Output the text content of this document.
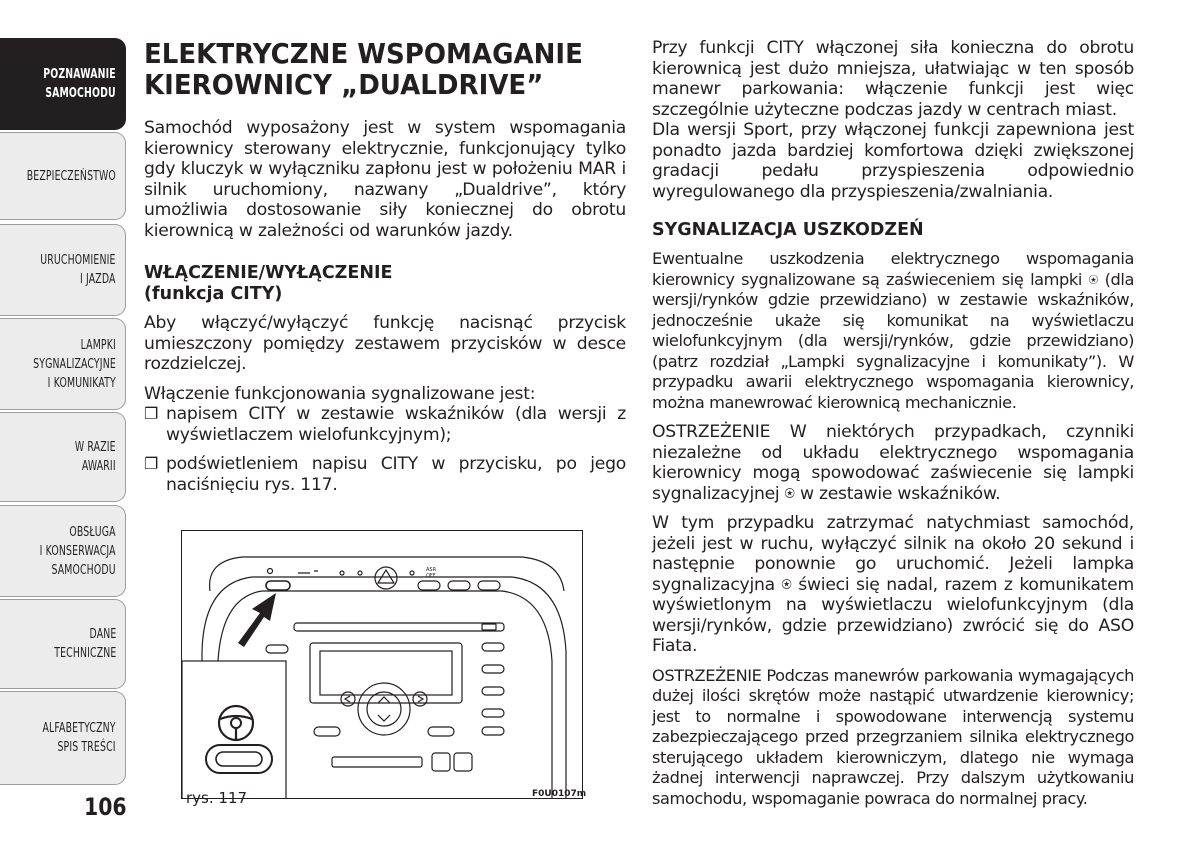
POZNAWANIE
SAMOCHODU
BEZPIECZEŃSTWO
URUCHOMIENIE
I JAZDA
LAMPKI
SYGNALIZACYJNE
I KOMUNIKATY
W RAZIE
AWARII
OBSŁUGA
I KONSERWACJA
SAMOCHODU
DANE
TECHNICZNE
ALFABETYCZNY
SPIS TREŚCI
106
ELEKTRYCZNE WSPOMAGANIE
KIEROWNICY „DUALDRIVE”

Samochód wyposażony jest w system wspomagania kierownicy sterowany elektrycznie, funkcjonujący tylko gdy kluczyk w wyłączniku zapłonu jest w położeniu MAR i silnik uruchomiony, nazwany „Dualdrive”, który umożliwia dostosowanie siły koniecznej do obrotu kierownicą w zależności od warunków jazdy.

WŁĄCZENIE/WYŁĄCZENIE
(funkcja CITY)

Aby włączyć/wyłączyć funkcję nacisnąć przycisk umieszczony pomiędzy zestawem przycisków w desce rozdzielczej.

Włączenie funkcjonowania sygnalizowane jest:

❐ napisem CITY w zestawie wskaźników (dla wersji z wyświetlaczem wielofunkcyjnym);

❐ podświetleniem napisu CITY w przycisku, po jego naciśnięciu rys. 117.

ASR
OFF
rys. 117	F0U0107m

Przy funkcji CITY włączonej siła konieczna do obrotu kierownicą jest dużo mniejsza, ułatwiając w ten sposób manewr parkowania: włączenie funkcji jest więc szczególnie użyteczne podczas jazdy w centrach miast.

Dla wersji Sport, przy włączonej funkcji zapewniona jest ponadto jazda bardziej komfortowa dzięki zwiększonej gradacji pedału przyspieszenia odpowiednio wyregulowanego dla przyspieszenia/zwalniania.

SYGNALIZACJA USZKODZEŃ

Ewentualne uszkodzenia elektrycznego wspomagania kierownicy sygnalizowane są zaświeceniem się lampki ⍟ (dla wersji/rynków gdzie przewidziano) w zestawie wskaźników, jednocześnie ukaże się komunikat na wyświetlaczu wielofunkcyjnym (dla wersji/rynków, gdzie przewidziano) (patrz rozdział „Lampki sygnalizacyjne i komunikaty”). W przypadku awarii elektrycznego wspomagania kierownicy, można manewrować kierownicą mechanicznie.

OSTRZEŻENIE W niektórych przypadkach, czynniki niezależne od układu elektrycznego wspomagania kierownicy mogą spowodować zaświecenie się lampki sygnalizacyjnej ⍟ w zestawie wskaźników.

W tym przypadku zatrzymać natychmiast samochód, jeżeli jest w ruchu, wyłączyć silnik na około 20 sekund i następnie ponownie go uruchomić. Jeżeli lampka sygnalizacyjna ⍟ świeci się nadal, razem z komunikatem wyświetlonym na wyświetlaczu wielofunkcyjnym (dla wersji/rynków, gdzie przewidziano) zwrócić się do ASO Fiata.

OSTRZEŻENIE Podczas manewrów parkowania wymagających dużej ilości skrętów może nastąpić utwardzenie kierownicy; jest to normalne i spowodowane interwencją systemu zabezpieczającego przed przegrzaniem silnika elektrycznego sterującego układem kierowniczym, dlatego nie wymaga żadnej interwencji naprawczej. Przy dalszym użytkowaniu samochodu, wspomaganie powraca do normalnej pracy.
